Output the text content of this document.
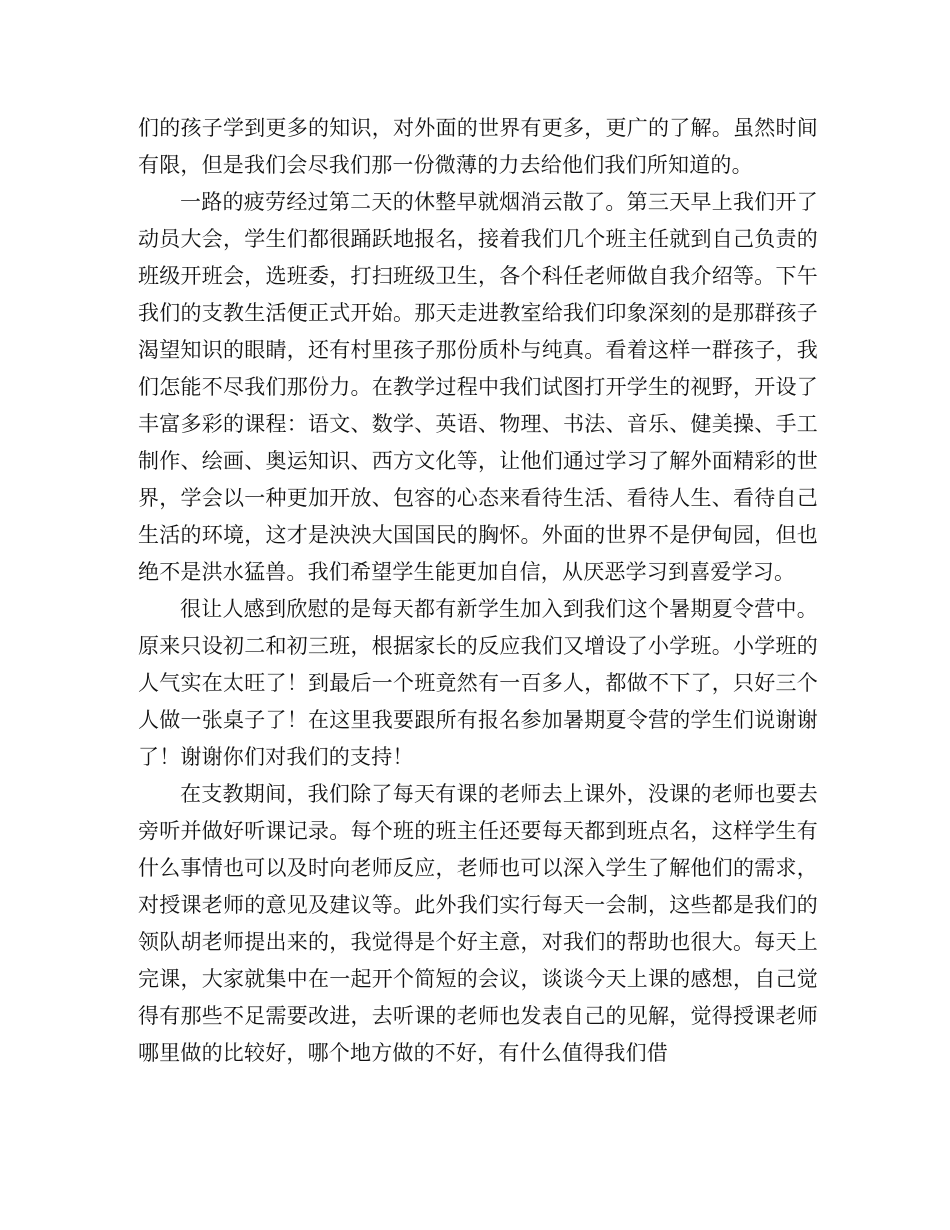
们的孩子学到更多的知识，对外面的世界有更多，更广的了解。虽然时间有限，但是我们会尽我们那一份微薄的力去给他们我们所知道的。

一路的疲劳经过第二天的休整早就烟消云散了。第三天早上我们开了动员大会，学生们都很踊跃地报名，接着我们几个班主任就到自己负责的班级开班会，选班委，打扫班级卫生，各个科任老师做自我介绍等。下午我们的支教生活便正式开始。那天走进教室给我们印象深刻的是那群孩子渴望知识的眼睛，还有村里孩子那份质朴与纯真。看着这样一群孩子，我们怎能不尽我们那份力。在教学过程中我们试图打开学生的视野，开设了丰富多彩的课程：语文、数学、英语、物理、书法、音乐、健美操、手工制作、绘画、奥运知识、西方文化等，让他们通过学习了解外面精彩的世界，学会以一种更加开放、包容的心态来看待生活、看待人生、看待自己生活的环境，这才是泱泱大国国民的胸怀。外面的世界不是伊甸园，但也绝不是洪水猛兽。我们希望学生能更加自信，从厌恶学习到喜爱学习。

很让人感到欣慰的是每天都有新学生加入到我们这个暑期夏令营中。原来只设初二和初三班，根据家长的反应我们又增设了小学班。小学班的人气实在太旺了！到最后一个班竟然有一百多人，都做不下了，只好三个人做一张桌子了！在这里我要跟所有报名参加暑期夏令营的学生们说谢谢了！谢谢你们对我们的支持！

在支教期间，我们除了每天有课的老师去上课外，没课的老师也要去旁听并做好听课记录。每个班的班主任还要每天都到班点名，这样学生有什么事情也可以及时向老师反应，老师也可以深入学生了解他们的需求，对授课老师的意见及建议等。此外我们实行每天一会制，这些都是我们的领队胡老师提出来的，我觉得是个好主意，对我们的帮助也很大。每天上完课，大家就集中在一起开个简短的会议，谈谈今天上课的感想，自己觉得有那些不足需要改进，去听课的老师也发表自己的见解，觉得授课老师哪里做的比较好，哪个地方做的不好，有什么值得我们借
